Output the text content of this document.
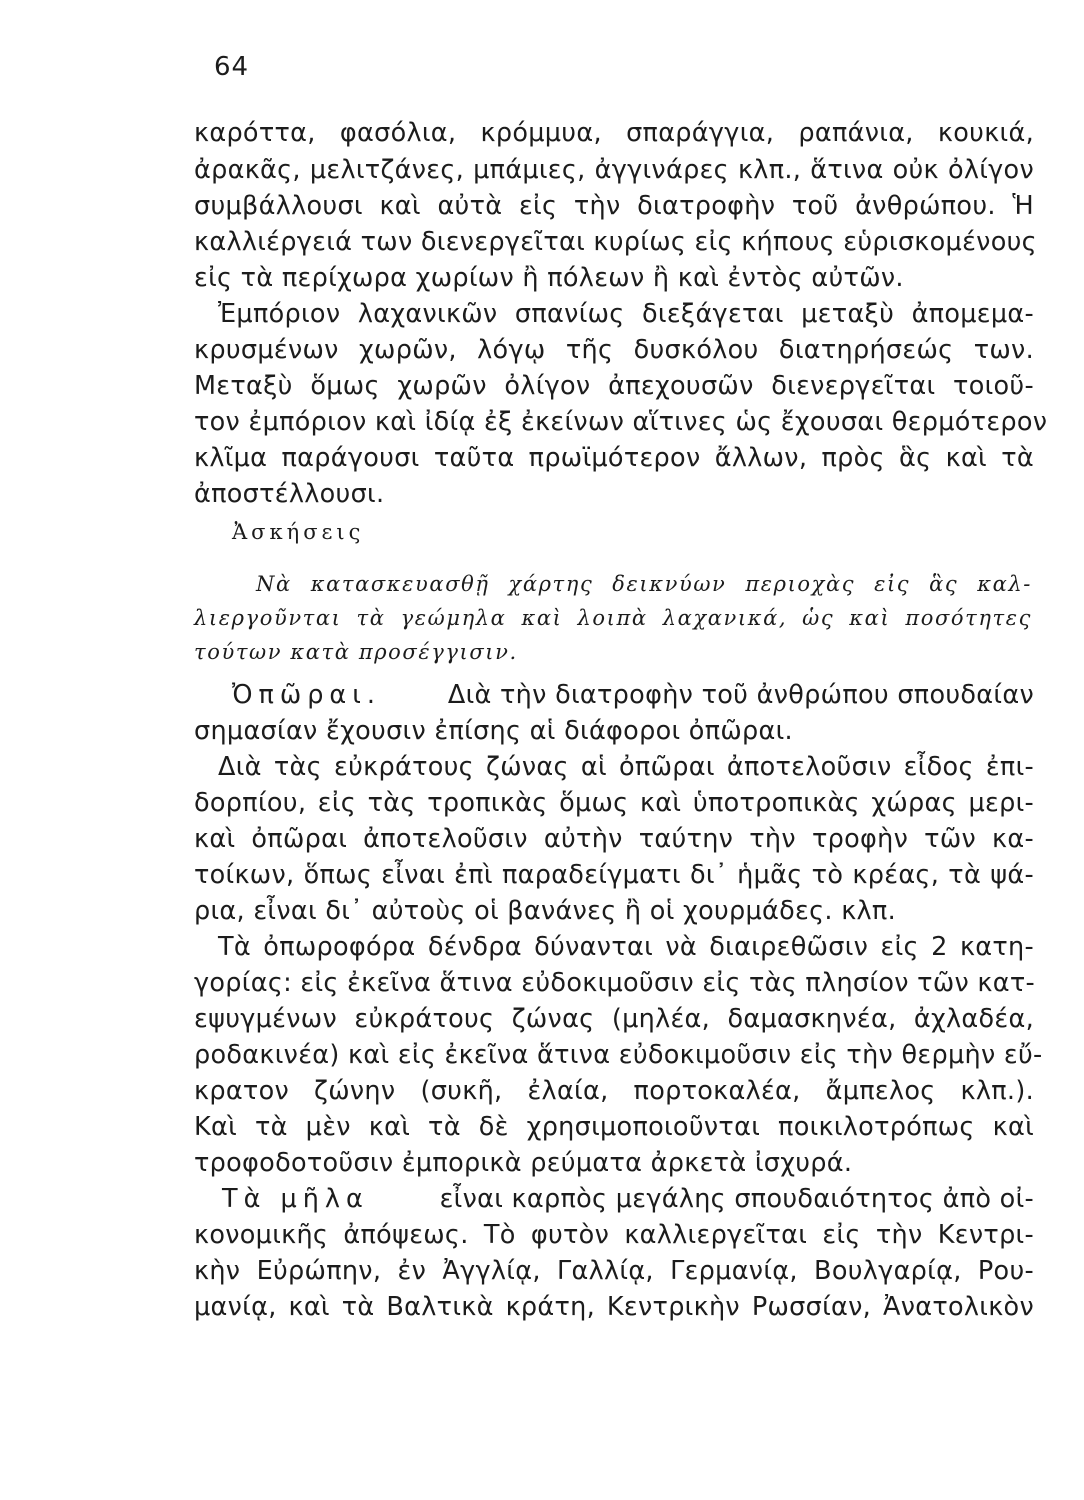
64
καρόττα, φασόλια, κρόμμυα, σπαράγγια, ραπάνια, κουκιά,
ἀρακᾶς, μελιτζάνες, μπάμιες, ἀγγινάρες κλπ., ἅτινα οὐκ ὀλίγον
συμβάλλουσι καὶ αὐτὰ εἰς τὴν διατροφὴν τοῦ ἀνθρώπου. Ἡ
καλλιέργειά των διενεργεῖται κυρίως εἰς κήπους εὑρισκομένους
εἰς τὰ περίχωρα χωρίων ἢ πόλεων ἢ καὶ ἐντὸς αὐτῶν.
Ἐμπόριον λαχανικῶν σπανίως διεξάγεται μεταξὺ ἀπομεμα-
κρυσμένων χωρῶν, λόγῳ τῆς δυσκόλου διατηρήσεώς των.
Μεταξὺ ὅμως χωρῶν ὀλίγον ἀπεχουσῶν διενεργεῖται τοιοῦ-
τον ἐμπόριον καὶ ἰδίᾳ ἐξ ἐκείνων αἵτινες ὡς ἔχουσαι θερμότερον
κλῖμα παράγουσι ταῦτα πρωϊμότερον ἄλλων, πρὸς ἃς καὶ τὰ
ἀποστέλλουσι.
Ἀσκήσεις
Νὰ κατασκευασθῇ χάρτης δεικνύων περιοχὰς εἰς ἃς καλ-
λιεργοῦνται τὰ γεώμηλα καὶ λοιπὰ λαχανικά, ὡς καὶ ποσότητες
τούτων κατὰ προσέγγισιν.
Ὀπῶραι.	Διὰ τὴν διατροφὴν τοῦ ἀνθρώπου σπουδαίαν
σημασίαν ἔχουσιν ἐπίσης αἱ διάφοροι ὀπῶραι.
Διὰ τὰς εὐκράτους ζώνας αἱ ὀπῶραι ἀποτελοῦσιν εἶδος ἐπι-
δορπίου, εἰς τὰς τροπικὰς ὅμως καὶ ὑποτροπικὰς χώρας μερι-
καὶ ὀπῶραι ἀποτελοῦσιν αὐτὴν ταύτην τὴν τροφὴν τῶν κα-
τοίκων, ὅπως εἶναι ἐπὶ παραδείγματι δι᾿ ἡμᾶς τὸ κρέας, τὰ ψά-
ρια, εἶναι δι᾿ αὐτοὺς οἱ βανάνες ἢ οἱ χουρμάδες. κλπ.
Τὰ ὀπωροφόρα δένδρα δύνανται νὰ διαιρεθῶσιν εἰς 2 κατη-
γορίας: εἰς ἐκεῖνα ἅτινα εὐδοκιμοῦσιν εἰς τὰς πλησίον τῶν κατ-
εψυγμένων εὐκράτους ζώνας (μηλέα, δαμασκηνέα, ἀχλαδέα,
ροδακινέα) καὶ εἰς ἐκεῖνα ἅτινα εὐδοκιμοῦσιν εἰς τὴν θερμὴν εὔ-
κρατον ζώνην (συκῆ, ἐλαία, πορτοκαλέα, ἄμπελος κλπ.).
Καὶ τὰ μὲν καὶ τὰ δὲ χρησιμοποιοῦνται ποικιλοτρόπως καὶ
τροφοδοτοῦσιν ἐμπορικὰ ρεύματα ἀρκετὰ ἰσχυρά.
Τὰ μῆλα	εἶναι καρπὸς μεγάλης σπουδαιότητος ἀπὸ οἰ-
κονομικῆς ἀπόψεως. Τὸ φυτὸν καλλιεργεῖται εἰς τὴν Κεντρι-
κὴν Εὐρώπην, ἐν Ἀγγλίᾳ, Γαλλίᾳ, Γερμανίᾳ, Βουλγαρίᾳ, Ρου-
μανίᾳ, καὶ τὰ Βαλτικὰ κράτη, Κεντρικὴν Ρωσσίαν, Ἀνατολικὸν
